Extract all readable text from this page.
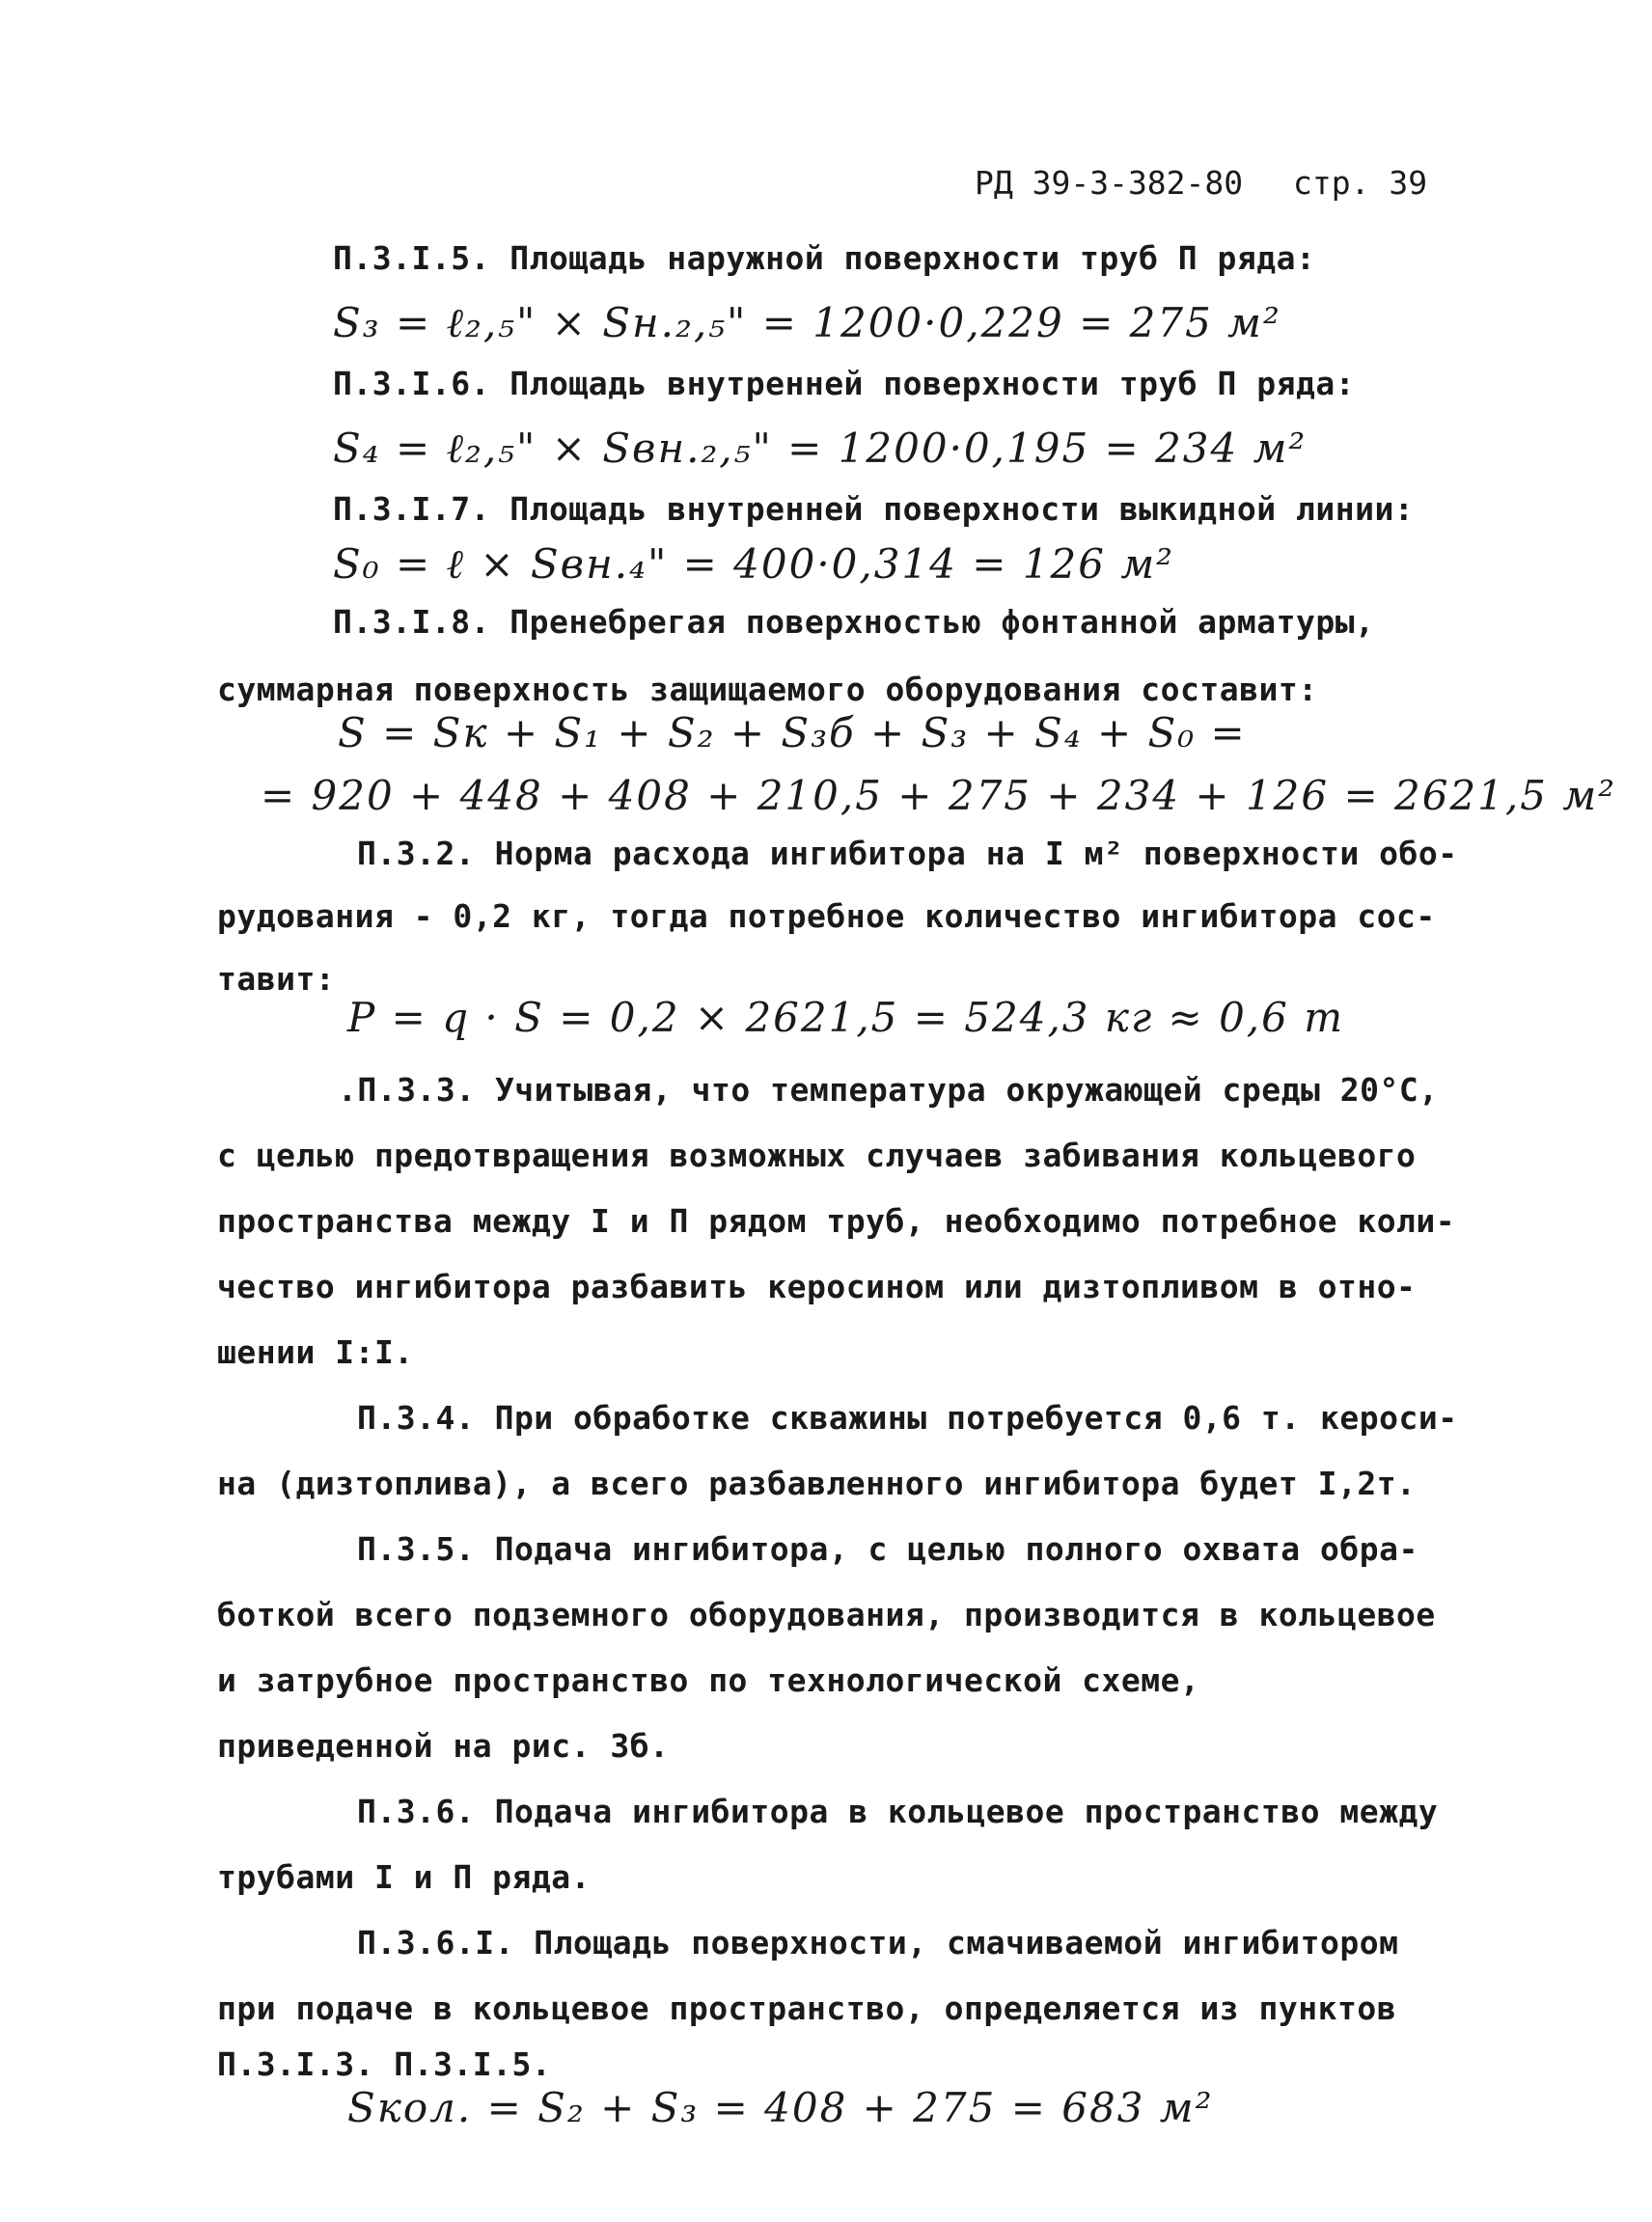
РД 39-3-382-80 стр. 39
П.3.I.5. Площадь наружной поверхности труб П ряда:
S₃ = ℓ₂,₅" × Sн.₂,₅" = 1200·0,229 = 275 м²
П.3.I.6. Площадь внутренней поверхности труб П ряда:
S₄ = ℓ₂,₅" × Sвн.₂,₅" = 1200·0,195 = 234 м²
П.3.I.7. Площадь внутренней поверхности выкидной линии:
S₀ = ℓ × Sвн.₄" = 400·0,314 = 126 м²
П.3.I.8. Пренебрегая поверхностью фонтанной арматуры,
суммарная поверхность защищаемого оборудования составит:
S = Sк + S₁ + S₂ + S₃б + S₃ + S₄ + S₀ =
= 920 + 448 + 408 + 210,5 + 275 + 234 + 126 = 2621,5 м²
П.3.2. Норма расхода ингибитора на I м² поверхности обо-
рудования - 0,2 кг, тогда потребное количество ингибитора сос-
тавит:
P = q · S = 0,2 × 2621,5 = 524,3 кг ≈ 0,6 т
.П.3.3. Учитывая, что температура окружающей среды 20°С,
с целью предотвращения возможных случаев забивания кольцевого
пространства между I и П рядом труб, необходимо потребное коли-
чество ингибитора разбавить керосином или дизтопливом в отно-
шении I:I.
П.3.4. При обработке скважины потребуется 0,6 т. кероси-
на (дизтоплива), а всего разбавленного ингибитора будет I,2т.
П.3.5. Подача ингибитора, с целью полного охвата обра-
боткой всего подземного оборудования, производится в кольцевое
и затрубное пространство по технологической схеме,
приведенной на рис. 3б.
П.3.6. Подача ингибитора в кольцевое пространство между
трубами I и П ряда.
П.3.6.I. Площадь поверхности, смачиваемой ингибитором
при подаче в кольцевое пространство, определяется из пунктов
П.3.I.3. П.3.I.5.
Sкол. = S₂ + S₃ = 408 + 275 = 683 м²
